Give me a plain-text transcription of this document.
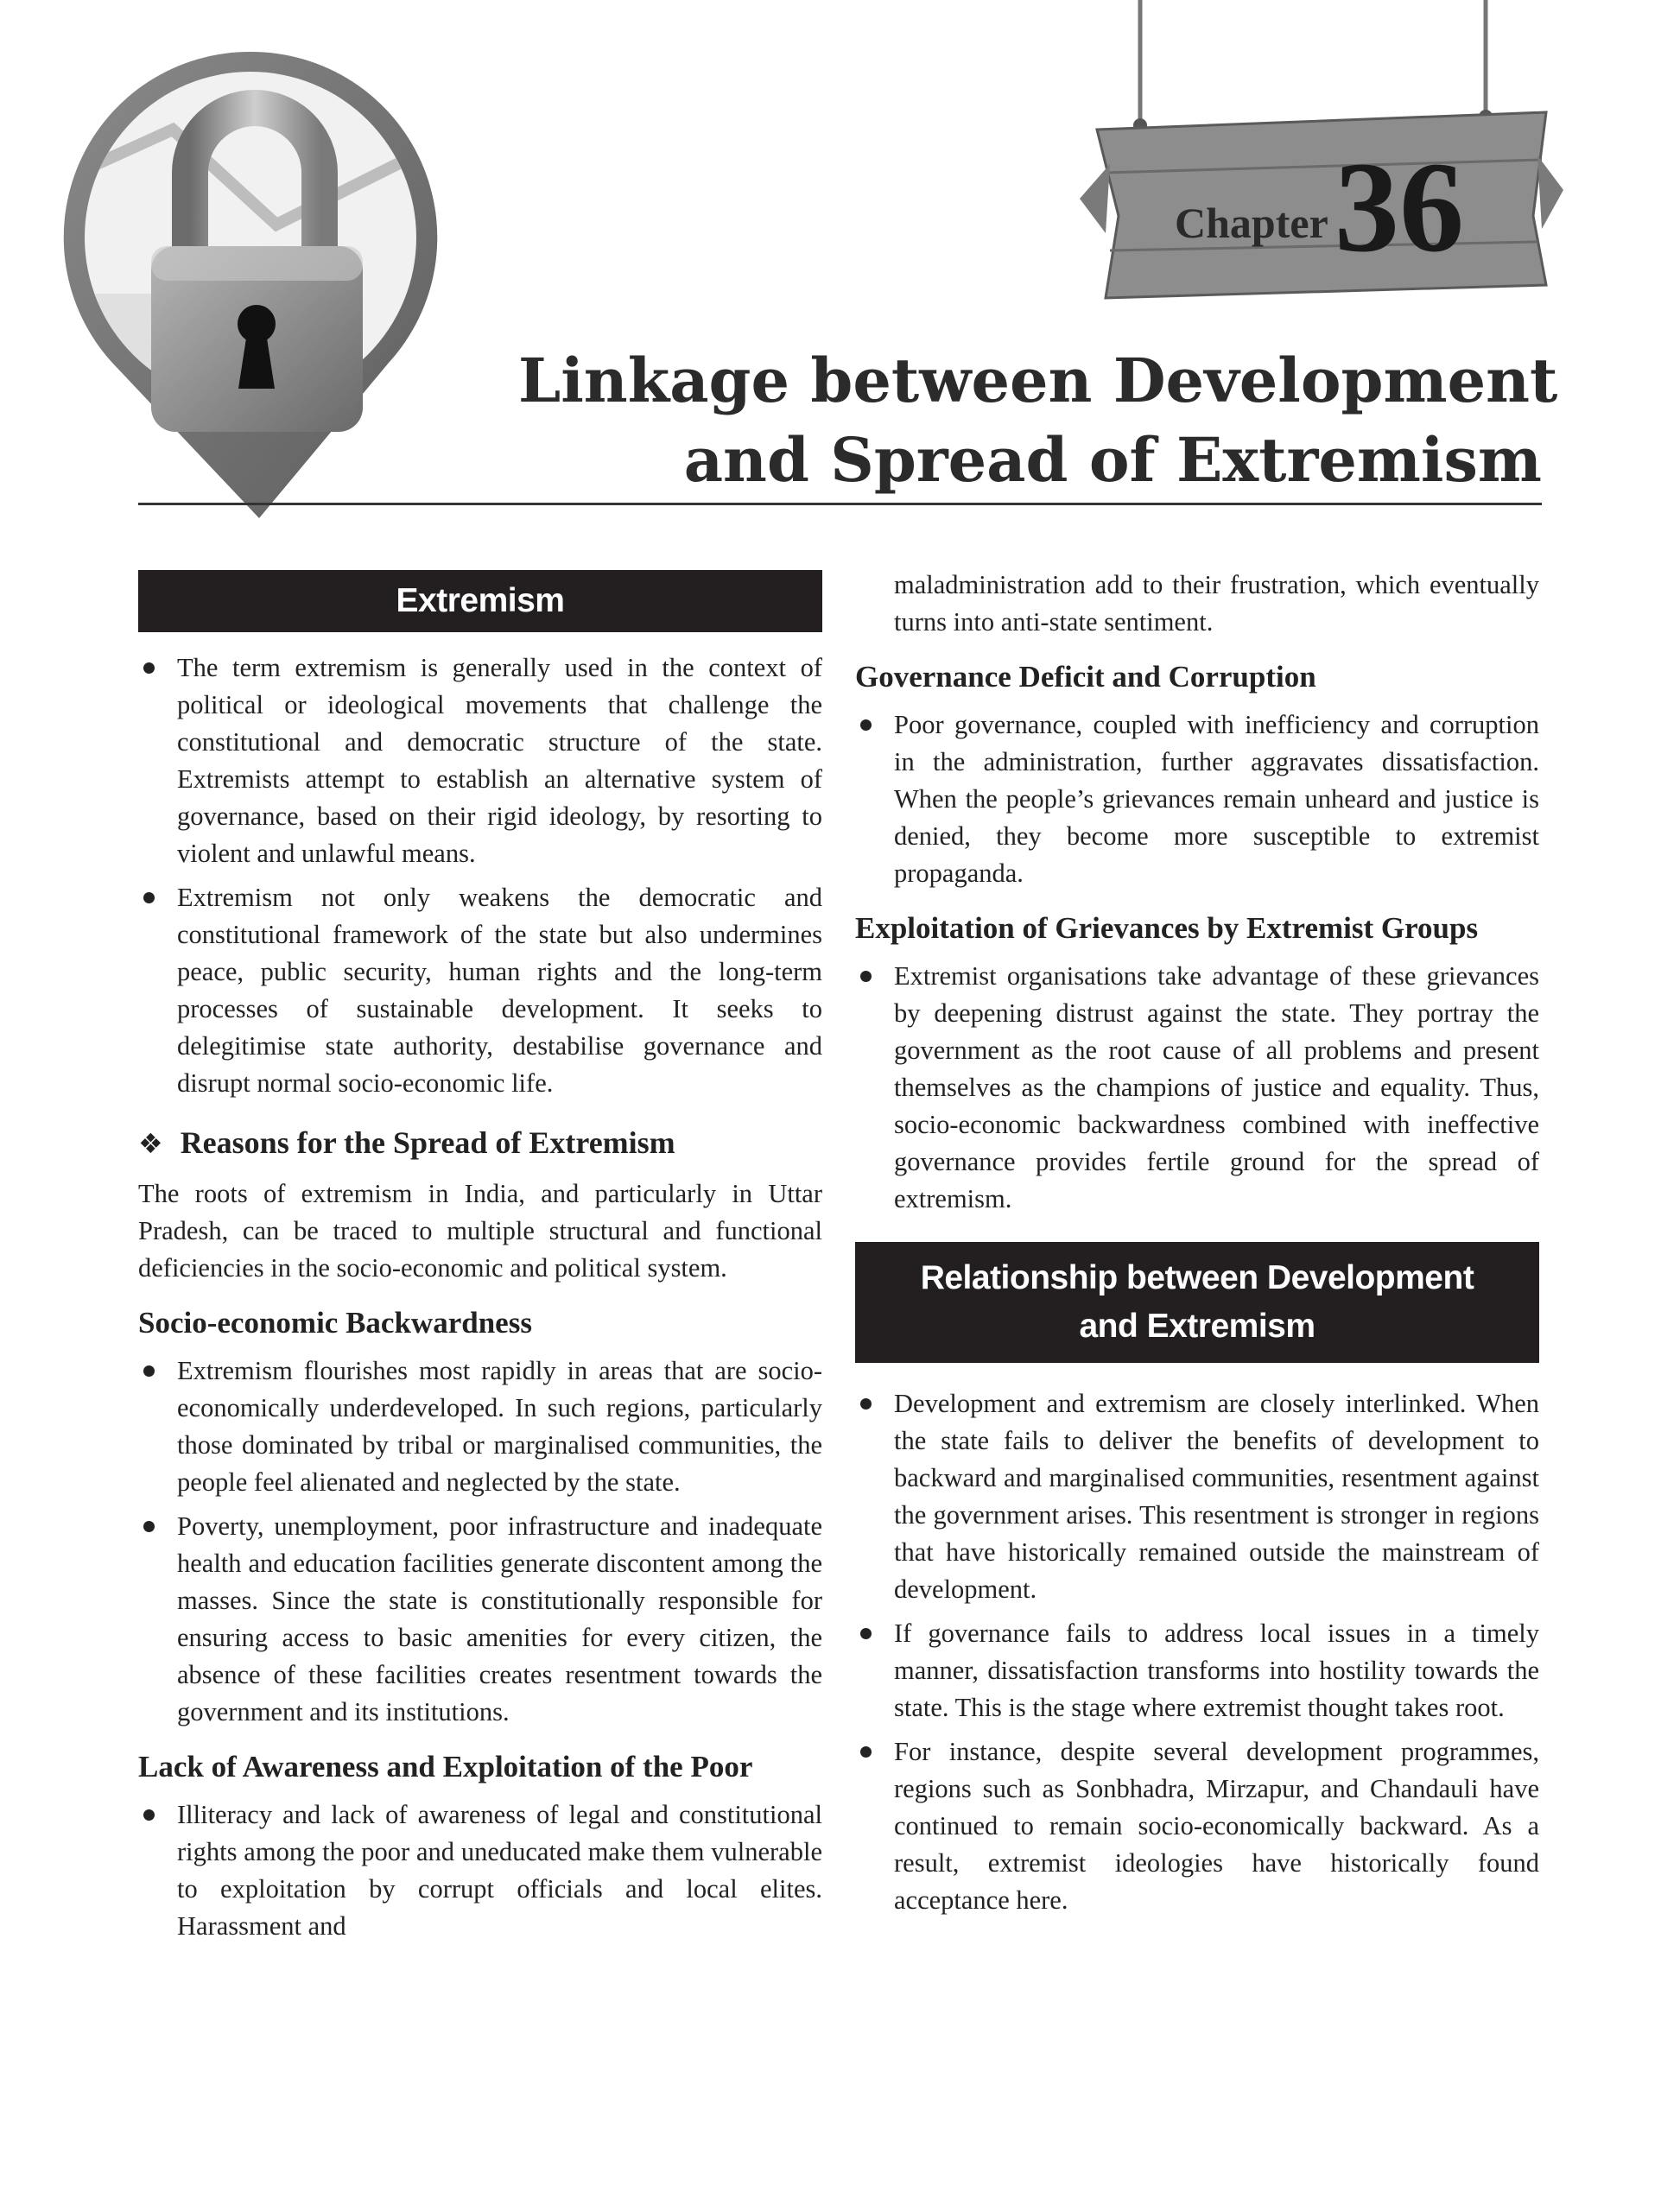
Chapter 36
Linkage between Development
and Spread of Extremism
Extremism
The term extremism is generally used in the context of political or ideological movements that challenge the constitutional and democratic structure of the state. Extremists attempt to establish an alternative system of governance, based on their rigid ideology, by resorting to violent and unlawful means.
Extremism not only weakens the democratic and constitutional framework of the state but also undermines peace, public security, human rights and the long-term processes of sustainable development. It seeks to delegitimise state authority, destabilise governance and disrupt normal socio-economic life.
❖ Reasons for the Spread of Extremism

The roots of extremism in India, and particularly in Uttar Pradesh, can be traced to multiple structural and functional deficiencies in the socio-economic and political system.

Socio-economic Backwardness
Extremism flourishes most rapidly in areas that are socio-economically underdeveloped. In such regions, particularly those dominated by tribal or marginalised communities, the people feel alienated and neglected by the state.
Poverty, unemployment, poor infrastructure and inadequate health and education facilities generate discontent among the masses. Since the state is constitutionally responsible for ensuring access to basic amenities for every citizen, the absence of these facilities creates resentment towards the government and its institutions.
Lack of Awareness and Exploitation of the Poor
Illiteracy and lack of awareness of legal and constitutional rights among the poor and uneducated make them vulnerable to exploitation by corrupt officials and local elites. Harassment and

maladministration add to their frustration, which eventually turns into anti-state sentiment.

Governance Deficit and Corruption
Poor governance, coupled with inefficiency and corruption in the administration, further aggravates dissatisfaction. When the people’s grievances remain unheard and justice is denied, they become more susceptible to extremist propaganda.
Exploitation of Grievances by Extremist Groups
Extremist organisations take advantage of these grievances by deepening distrust against the state. They portray the government as the root cause of all problems and present themselves as the champions of justice and equality. Thus, socio-economic backwardness combined with ineffective governance provides fertile ground for the spread of extremism.
Relationship between Development
and Extremism
Development and extremism are closely interlinked. When the state fails to deliver the benefits of development to backward and marginalised communities, resentment against the government arises. This resentment is stronger in regions that have historically remained outside the mainstream of development.
If governance fails to address local issues in a timely manner, dissatisfaction transforms into hostility towards the state. This is the stage where extremist thought takes root.
For instance, despite several development programmes, regions such as Sonbhadra, Mirzapur, and Chandauli have continued to remain socio-economically backward. As a result, extremist ideologies have historically found acceptance here.
